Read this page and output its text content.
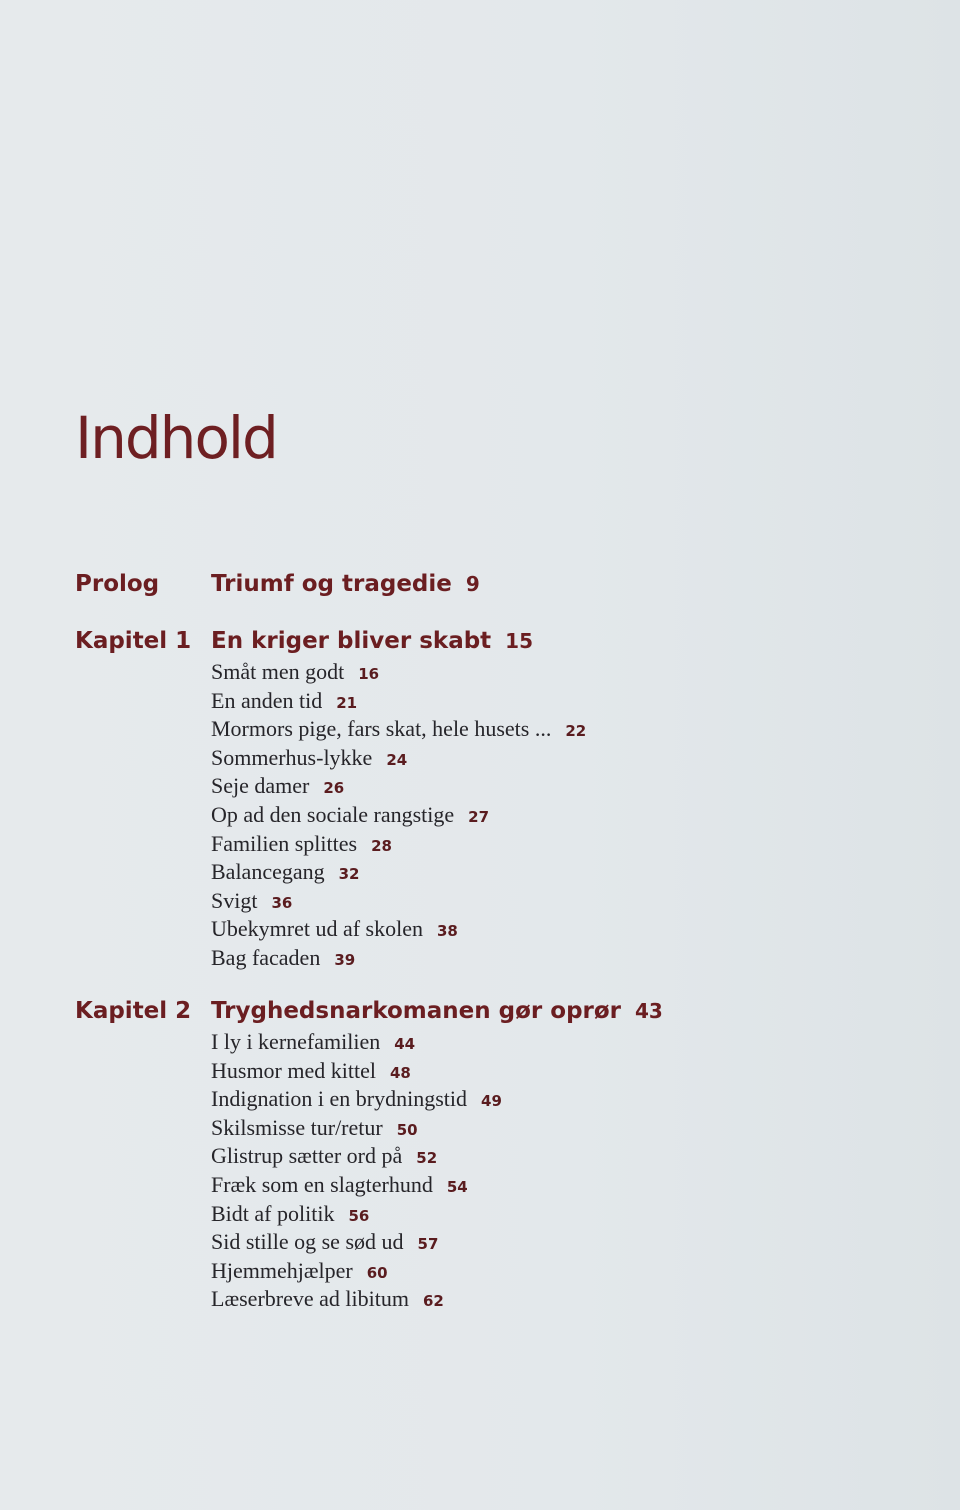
Indhold
Prolog Triumf og tragedie 9
Kapitel 1 En kriger bliver skabt 15
Småt men godt 16
En anden tid 21
Mormors pige, fars skat, hele husets ... 22
Sommerhus-lykke 24
Seje damer 26
Op ad den sociale rangstige 27
Familien splittes 28
Balancegang 32
Svigt 36
Ubekymret ud af skolen 38
Bag facaden 39
Kapitel 2 Tryghedsnarkomanen gør oprør 43
I ly i kernefamilien 44
Husmor med kittel 48
Indignation i en brydningstid 49
Skilsmisse tur/retur 50
Glistrup sætter ord på 52
Fræk som en slagterhund 54
Bidt af politik 56
Sid stille og se sød ud 57
Hjemmehjælper 60
Læserbreve ad libitum 62
